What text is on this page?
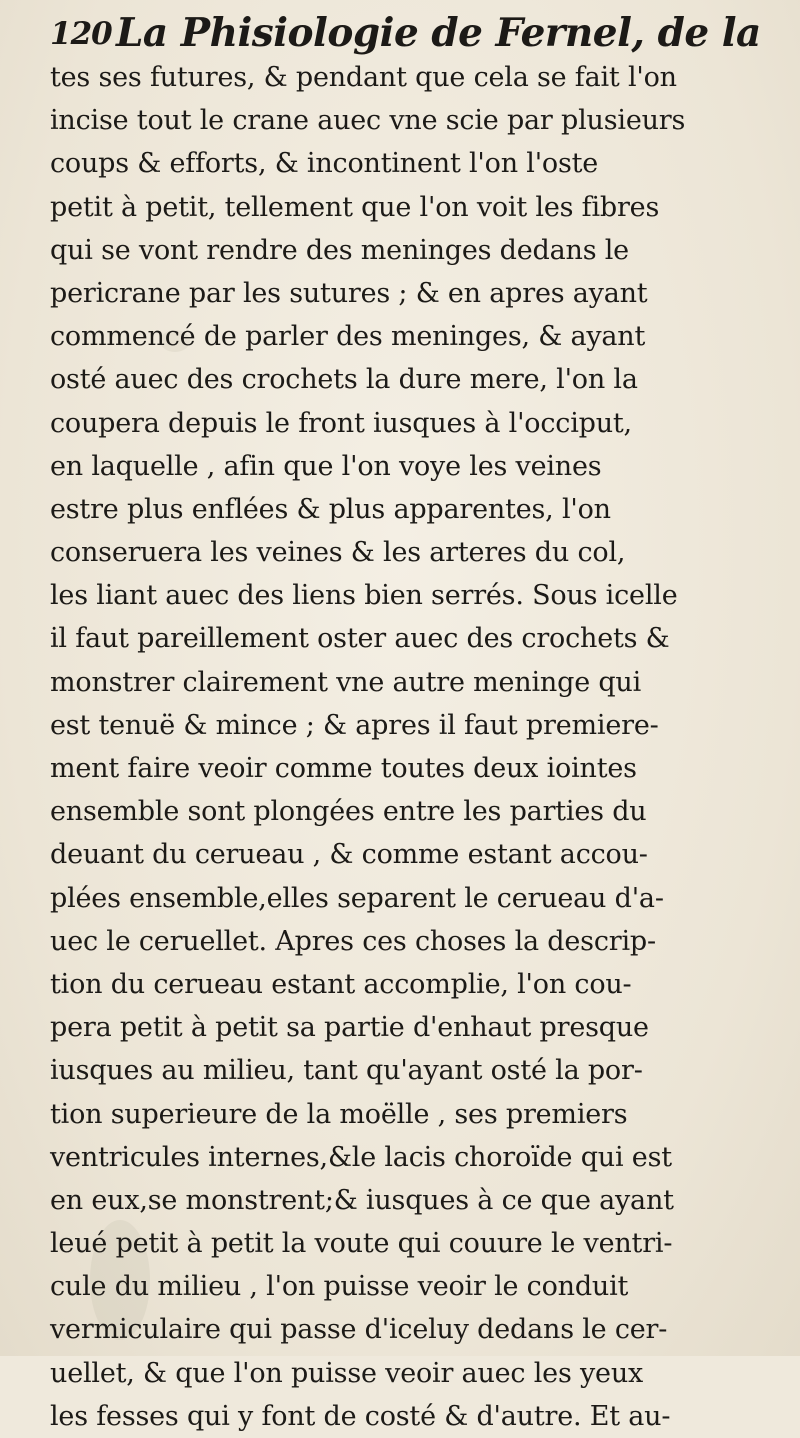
120 La Phisiologie de Fernel, de la
tes ses futures, & pendant que cela se fait l'on
incise tout le crane auec vne scie par plusieurs
coups & efforts, & incontinent l'on l'oste
petit à petit, tellement que l'on voit les fibres
qui se vont rendre des meninges dedans le
pericrane par les sutures ; & en apres ayant
commencé de parler des meninges, & ayant
osté auec des crochets la dure mere, l'on la
coupera depuis le front iusques à l'occiput,
en laquelle , afin que l'on voye les veines
estre plus enflées & plus apparentes, l'on
conseruera les veines & les arteres du col,
les liant auec des liens bien serrés. Sous icelle
il faut pareillement oster auec des crochets &
monstrer clairement vne autre meninge qui
est tenuë & mince ; & apres il faut premiere-
ment faire veoir comme toutes deux iointes
ensemble sont plongées entre les parties du
deuant du cerueau , & comme estant accou-
plées ensemble,elles separent le cerueau d'a-
uec le ceruellet. Apres ces choses la descrip-
tion du cerueau estant accomplie, l'on cou-
pera petit à petit sa partie d'enhaut presque
iusques au milieu, tant qu'ayant osté la por-
tion superieure de la moëlle , ses premiers
ventricules internes,&le lacis choroïde qui est
en eux,se monstrent;& iusques à ce que ayant
leué petit à petit la voute qui couure le ventri-
cule du milieu , l'on puisse veoir le conduit
vermiculaire qui passe d'iceluy dedans le cer-
uellet, & que l'on puisse veoir auec les yeux
les fesses qui y font de costé & d'autre. Et au-
